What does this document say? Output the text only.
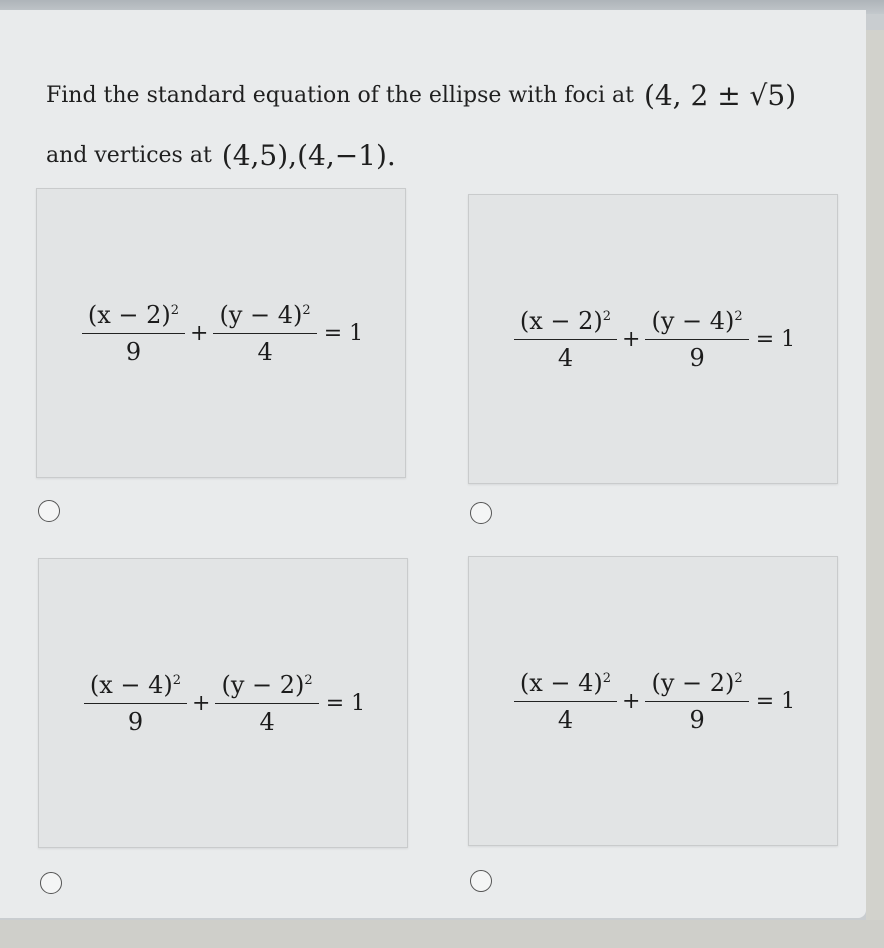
Find the standard equation of the ellipse with foci at (4, 2 ± √5)
and vertices at (4,5),(4,−1).
$\frac{(x - 2)^2}{9} + \frac{(y - 4)^2}{4} = 1$	$\frac{(x - 2)^2}{4} + \frac{(y - 4)^2}{9} = 1$
$\frac{(x - 4)^2}{9} + \frac{(y - 2)^2}{4} = 1$	$\frac{(x - 4)^2}{4} + \frac{(y - 2)^2}{9} = 1$
